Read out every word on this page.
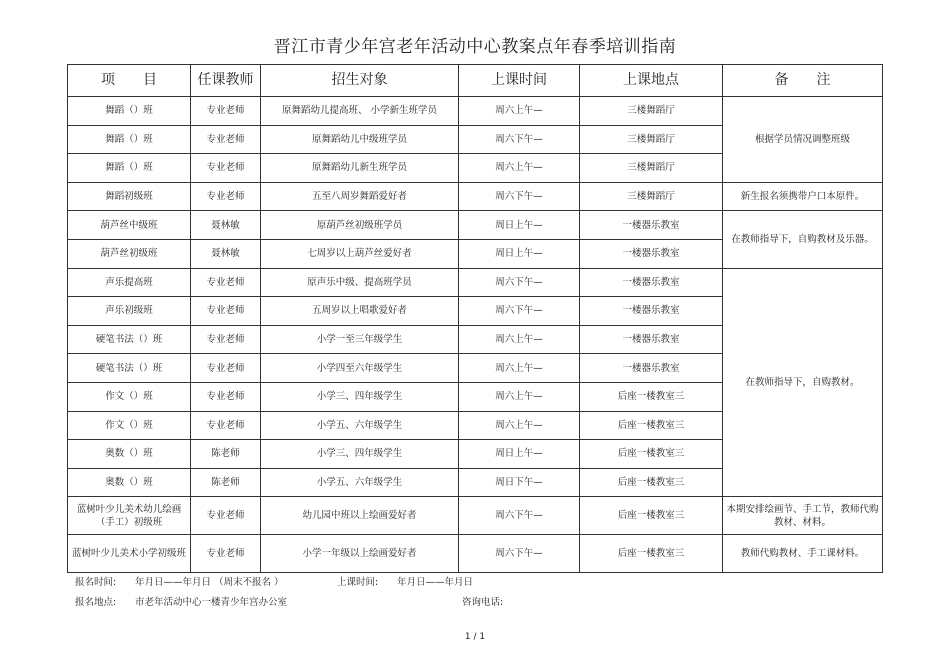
晋江市青少年宫老年活动中心教案点年春季培训指南
项　　目	任课教师	招生对象	上课时间	上课地点	备　　注
舞蹈（）班	专业老师	原舞蹈幼儿提高班、 小学新生班学员	周六上午—	三楼舞蹈厅	根据学员情况调整班级
舞蹈（）班	专业老师	原舞蹈幼儿中级班学员	周六下午—	三楼舞蹈厅	
舞蹈（）班	专业老师	原舞蹈幼儿新生班学员	周六上午—	三楼舞蹈厅	
舞蹈初级班	专业老师	五至八周岁舞蹈爱好者	周六下午—	三楼舞蹈厅	新生报名须携带户口本原件。
葫芦丝中级班	聂林敏	原葫芦丝初级班学员	周日上午—	一楼器乐教室	在教师指导下，自购教材及乐器。
葫芦丝初级班	聂林敏	七周岁以上葫芦丝爱好者	周日上午—	一楼器乐教室	
声乐提高班	专业老师	原声乐中级、提高班学员	周六下午—	一楼器乐教室	在教师指导下，自购教材。
声乐初级班	专业老师	五周岁以上唱歌爱好者	周六下午—	一楼器乐教室	
硬笔书法（）班	专业老师	小学一至三年级学生	周六上午—	一楼器乐教室	
硬笔书法（）班	专业老师	小学四至六年级学生	周六上午—	一楼器乐教室	
作文（）班	专业老师	小学三、四年级学生	周六上午—	后座一楼教室三	
作文（）班	专业老师	小学五、六年级学生	周六上午—	后座一楼教室三	
奥数（）班	陈老师	小学三、四年级学生	周日上午—	后座一楼教室三	
奥数（）班	陈老师	小学五、六年级学生	周日下午—	后座一楼教室三	
蓝树叶少儿美术幼儿绘画（手工）初级班	专业老师	幼儿园中班以上绘画爱好者	周六下午—	后座一楼教室三	本期安排绘画节、手工节，教师代购教材、材料。
蓝树叶少儿美术小学初级班	专业老师	小学一年级以上绘画爱好者	周六下午—	后座一楼教室三	教师代购教材、手工课材料。
报名时间: 年月日——年月日 （周末不报名 ）	上课时间: 年月日——年月日
报名地点: 市老年活动中心一楼青少年宫办公室	咨询电话:
1 / 1
